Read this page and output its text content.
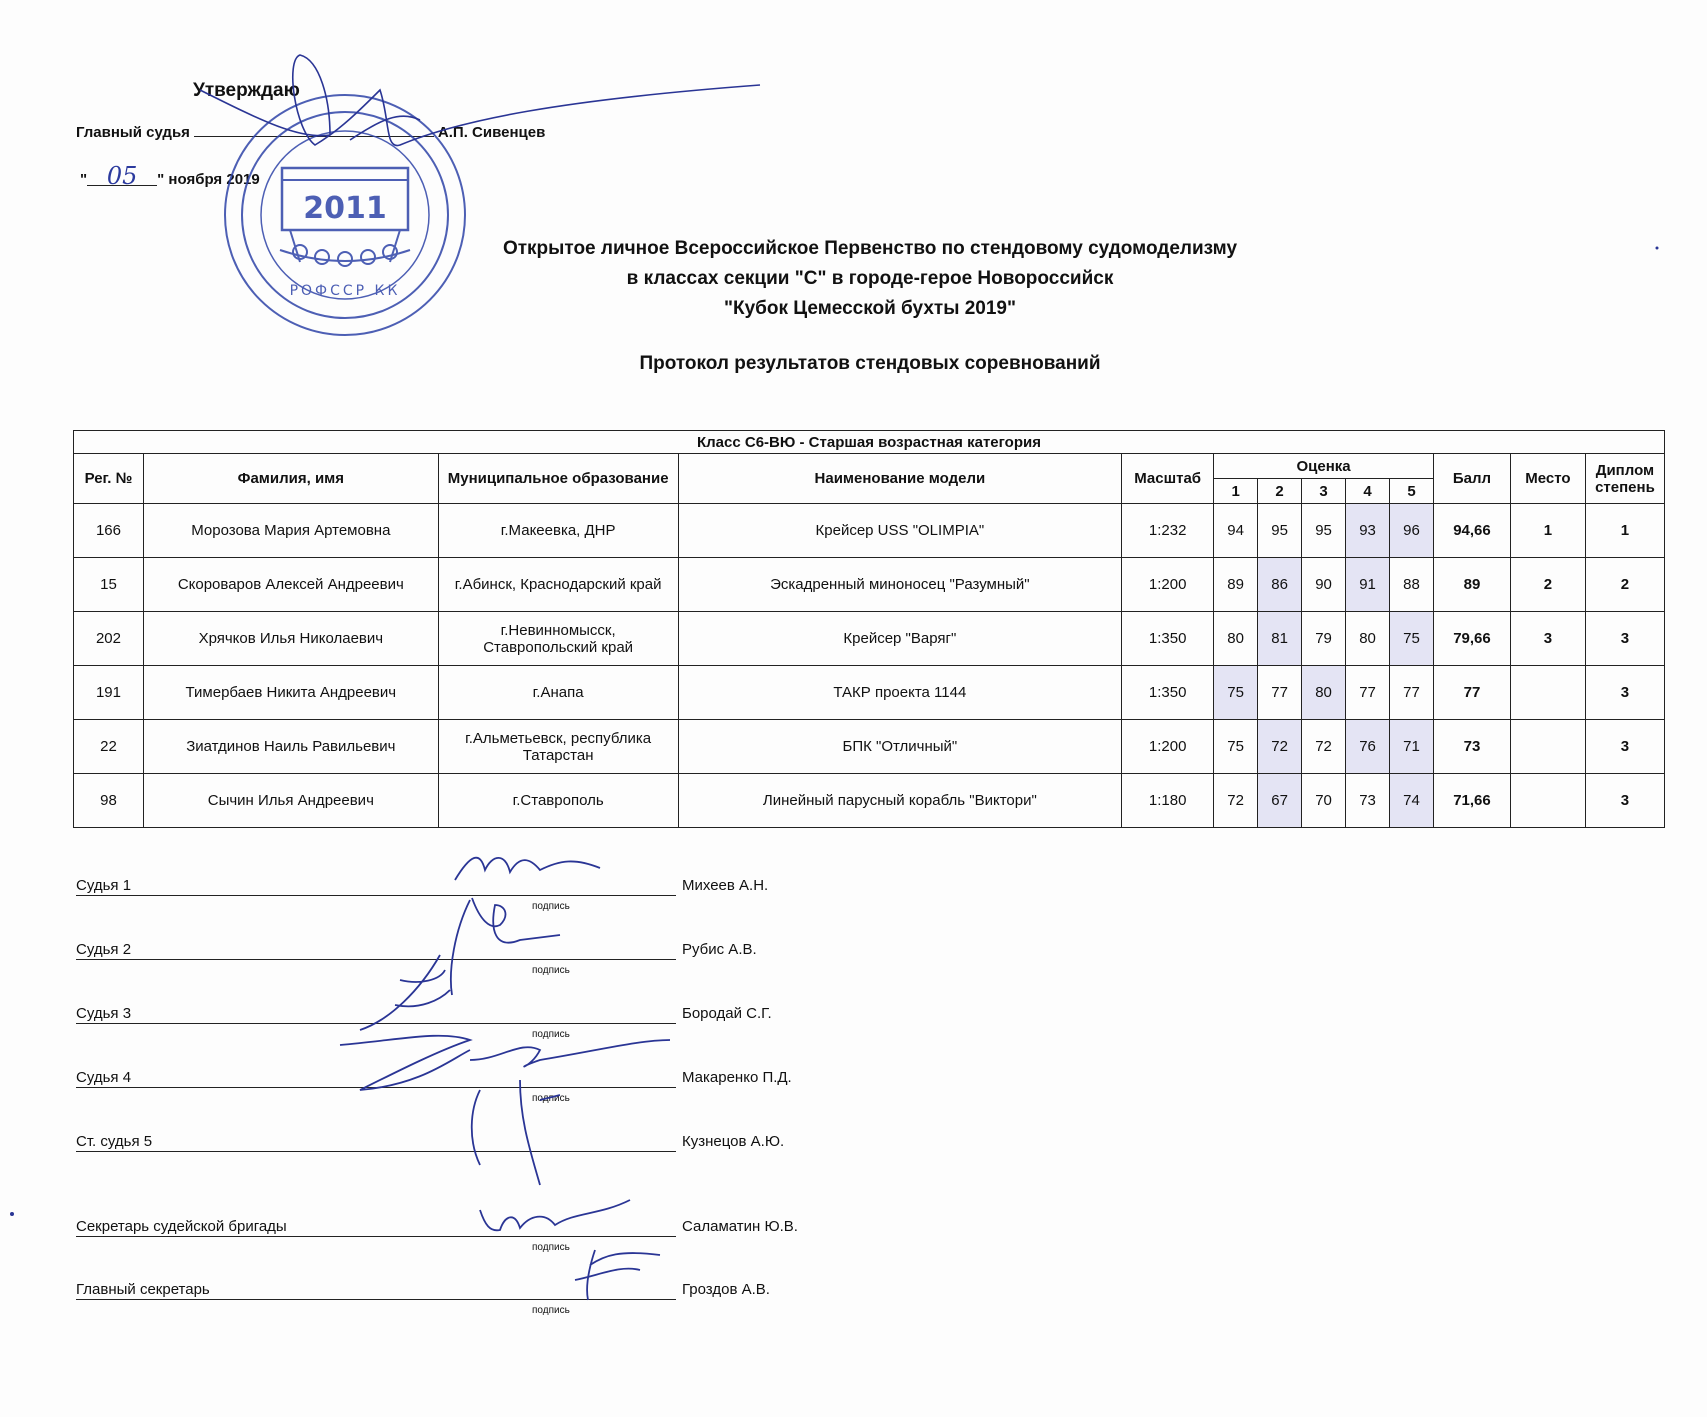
Утверждаю
Главный судья	А.П. Сивенцев
" 05 " ноября 2019
Открытое личное Всероссийское Первенство по стендовому судомоделизму
в классах секции "С" в городе-герое Новороссийск
"Кубок Цемесской бухты 2019"
Протокол результатов стендовых соревнований
Класс С6-ВЮ - Старшая возрастная категория												
Рег. №	Фамилия, имя	Муниципальное образование	Наименование модели	Масштаб	Оценка					Балл	Место	Диплом степень
					1	2	3	4	5			
166	Морозова Мария Артемовна	г.Макеевка, ДНР	Крейсер USS "OLIMPIA"	1:232	94	95	95	93	96	94,66	1	1
15	Скороваров Алексей Андреевич	г.Абинск, Краснодарский край	Эскадренный миноносец "Разумный"	1:200	89	86	90	91	88	89	2	2
202	Хрячков Илья Николаевич	г.Невинномысск, Ставропольский край	Крейсер "Варяг"	1:350	80	81	79	80	75	79,66	3	3
191	Тимербаев Никита Андреевич	г.Анапа	ТАКР проекта 1144	1:350	75	77	80	77	77	77		3
22	Зиатдинов Наиль Равильевич	г.Альметьевск, республика Татарстан	БПК "Отличный"	1:200	75	72	72	76	71	73		3
98	Сычин Илья Андреевич	г.Ставрополь	Линейный парусный корабль "Виктори"	1:180	72	67	70	73	74	71,66		3
Судья 1	Михеев А.Н.
подпись
Судья 2	Рубис А.В.
подпись
Судья 3	Бородай С.Г.
подпись
Судья 4	Макаренко П.Д.
подпись
Ст. судья 5	Кузнецов А.Ю.
Секретарь судейской бригады	Саламатин Ю.В.
подпись
Главный секретарь	Гроздов А.В.
подпись
2011
РОФССР КК
